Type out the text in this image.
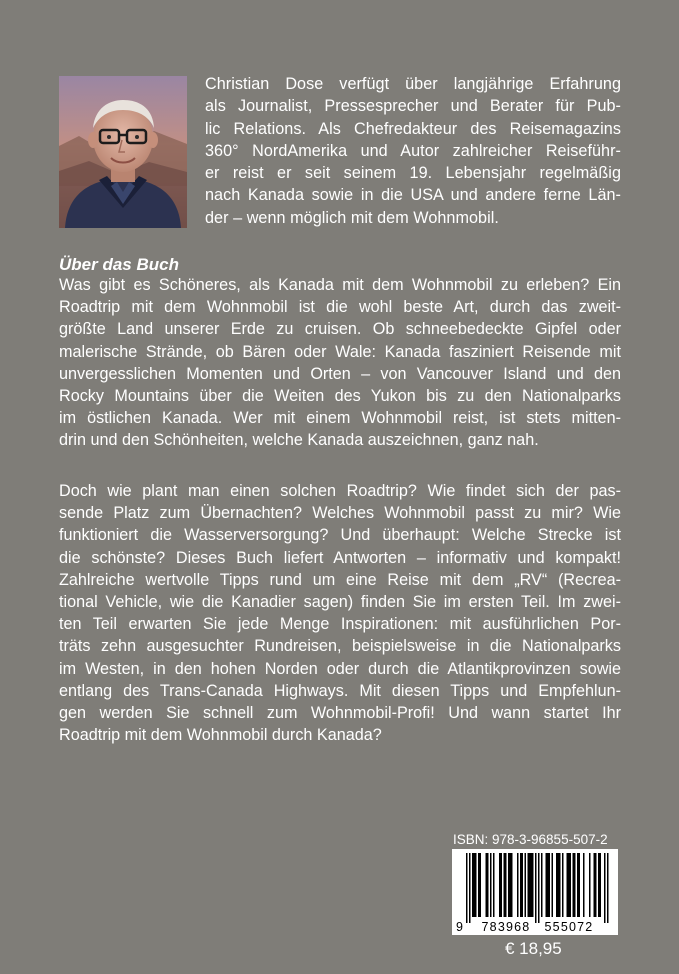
Christian Dose verfügt über langjährige Erfahrung
als Journalist, Pressesprecher und Berater für Pub-
lic Relations. Als Chefredakteur des Reisemagazins
360° NordAmerika und Autor zahlreicher Reiseführ-
er reist er seit seinem 19. Lebensjahr regelmäßig
nach Kanada sowie in die USA und andere ferne Län-
der – wenn möglich mit dem Wohnmobil.

Über das Buch

Was gibt es Schöneres, als Kanada mit dem Wohnmobil zu erleben? Ein
Roadtrip mit dem Wohnmobil ist die wohl beste Art, durch das zweit-
größte Land unserer Erde zu cruisen. Ob schneebedeckte Gipfel oder
malerische Strände, ob Bären oder Wale: Kanada fasziniert Reisende mit
unvergesslichen Momenten und Orten – von Vancouver Island und den
Rocky Mountains über die Weiten des Yukon bis zu den Nationalparks
im östlichen Kanada. Wer mit einem Wohnmobil reist, ist stets mitten-
drin und den Schönheiten, welche Kanada auszeichnen, ganz nah.

Doch wie plant man einen solchen Roadtrip? Wie findet sich der pas-
sende Platz zum Übernachten? Welches Wohnmobil passt zu mir? Wie
funktioniert die Wasserversorgung? Und überhaupt: Welche Strecke ist
die schönste? Dieses Buch liefert Antworten – informativ und kompakt!
Zahlreiche wertvolle Tipps rund um eine Reise mit dem „RV“ (Recrea-
tional Vehicle, wie die Kanadier sagen) finden Sie im ersten Teil. Im zwei-
ten Teil erwarten Sie jede Menge Inspirationen: mit ausführlichen Por-
träts zehn ausgesuchter Rundreisen, beispielsweise in die Nationalparks
im Westen, in den hohen Norden oder durch die Atlantikprovinzen sowie
entlang des Trans-Canada Highways. Mit diesen Tipps und Empfehlun-
gen werden Sie schnell zum Wohnmobil-Profi! Und wann startet Ihr
Roadtrip mit dem Wohnmobil durch Kanada?

ISBN: 978-3-96855-507-2

9 783968 555072

€ 18,95
